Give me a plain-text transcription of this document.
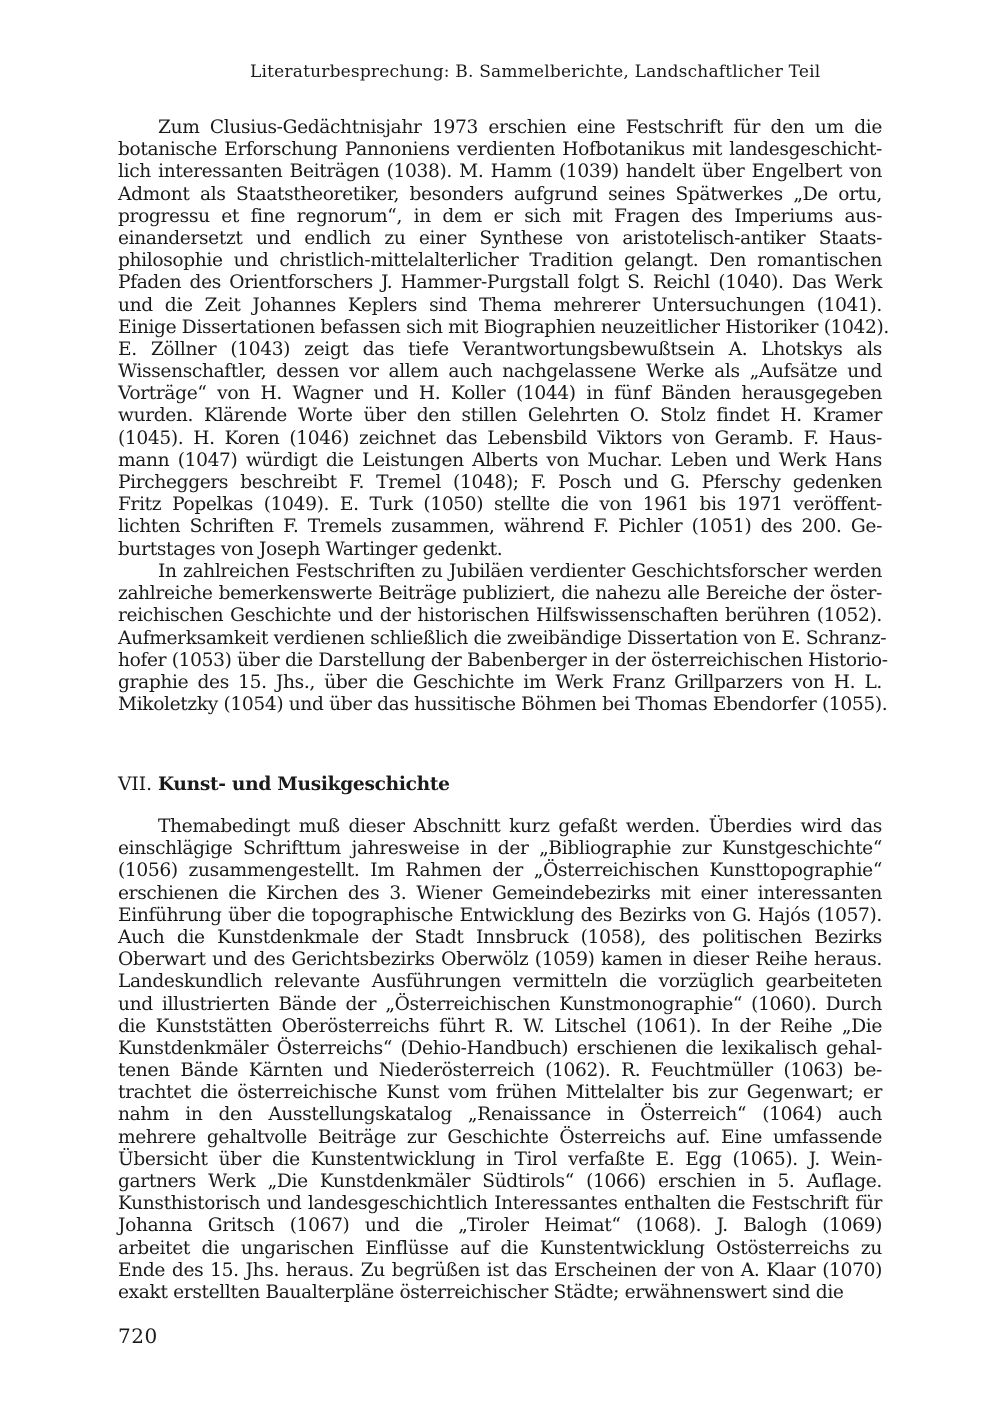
Literaturbesprechung: B. Sammelberichte, Landschaftlicher Teil
Zum Clusius-Gedächtnisjahr 1973 erschien eine Festschrift für den um die
botanische Erforschung Pannoniens verdienten Hofbotanikus mit landesgeschicht-
lich interessanten Beiträgen (1038). M. Hamm (1039) handelt über Engelbert von
Admont als Staatstheoretiker, besonders aufgrund seines Spätwerkes „De ortu,
progressu et fine regnorum“, in dem er sich mit Fragen des Imperiums aus-
einandersetzt und endlich zu einer Synthese von aristotelisch-antiker Staats-
philosophie und christlich-mittelalterlicher Tradition gelangt. Den romantischen
Pfaden des Orientforschers J. Hammer-Purgstall folgt S. Reichl (1040). Das Werk
und die Zeit Johannes Keplers sind Thema mehrerer Untersuchungen (1041).
Einige Dissertationen befassen sich mit Biographien neuzeitlicher Historiker (1042).
E. Zöllner (1043) zeigt das tiefe Verantwortungsbewußtsein A. Lhotskys als
Wissenschaftler, dessen vor allem auch nachgelassene Werke als „Aufsätze und
Vorträge“ von H. Wagner und H. Koller (1044) in fünf Bänden herausgegeben
wurden. Klärende Worte über den stillen Gelehrten O. Stolz findet H. Kramer
(1045). H. Koren (1046) zeichnet das Lebensbild Viktors von Geramb. F. Haus-
mann (1047) würdigt die Leistungen Alberts von Muchar. Leben und Werk Hans
Pircheggers beschreibt F. Tremel (1048); F. Posch und G. Pferschy gedenken
Fritz Popelkas (1049). E. Turk (1050) stellte die von 1961 bis 1971 veröffent-
lichten Schriften F. Tremels zusammen, während F. Pichler (1051) des 200. Ge-
burtstages von Joseph Wartinger gedenkt.
In zahlreichen Festschriften zu Jubiläen verdienter Geschichtsforscher werden
zahlreiche bemerkenswerte Beiträge publiziert, die nahezu alle Bereiche der öster-
reichischen Geschichte und der historischen Hilfswissenschaften berühren (1052).
Aufmerksamkeit verdienen schließlich die zweibändige Dissertation von E. Schranz-
hofer (1053) über die Darstellung der Babenberger in der österreichischen Historio-
graphie des 15. Jhs., über die Geschichte im Werk Franz Grillparzers von H. L.
Mikoletzky (1054) und über das hussitische Böhmen bei Thomas Ebendorfer (1055).
VII. Kunst- und Musikgeschichte
Themabedingt muß dieser Abschnitt kurz gefaßt werden. Überdies wird das
einschlägige Schrifttum jahresweise in der „Bibliographie zur Kunstgeschichte“
(1056) zusammengestellt. Im Rahmen der „Österreichischen Kunsttopographie“
erschienen die Kirchen des 3. Wiener Gemeindebezirks mit einer interessanten
Einführung über die topographische Entwicklung des Bezirks von G. Hajós (1057).
Auch die Kunstdenkmale der Stadt Innsbruck (1058), des politischen Bezirks
Oberwart und des Gerichtsbezirks Oberwölz (1059) kamen in dieser Reihe heraus.
Landeskundlich relevante Ausführungen vermitteln die vorzüglich gearbeiteten
und illustrierten Bände der „Österreichischen Kunstmonographie“ (1060). Durch
die Kunststätten Oberösterreichs führt R. W. Litschel (1061). In der Reihe „Die
Kunstdenkmäler Österreichs“ (Dehio-Handbuch) erschienen die lexikalisch gehal-
tenen Bände Kärnten und Niederösterreich (1062). R. Feuchtmüller (1063) be-
trachtet die österreichische Kunst vom frühen Mittelalter bis zur Gegenwart; er
nahm in den Ausstellungskatalog „Renaissance in Österreich“ (1064) auch
mehrere gehaltvolle Beiträge zur Geschichte Österreichs auf. Eine umfassende
Übersicht über die Kunstentwicklung in Tirol verfaßte E. Egg (1065). J. Wein-
gartners Werk „Die Kunstdenkmäler Südtirols“ (1066) erschien in 5. Auflage.
Kunsthistorisch und landesgeschichtlich Interessantes enthalten die Festschrift für
Johanna Gritsch (1067) und die „Tiroler Heimat“ (1068). J. Balogh (1069)
arbeitet die ungarischen Einflüsse auf die Kunstentwicklung Ostösterreichs zu
Ende des 15. Jhs. heraus. Zu begrüßen ist das Erscheinen der von A. Klaar (1070)
exakt erstellten Baualterpläne österreichischer Städte; erwähnenswert sind die
720
